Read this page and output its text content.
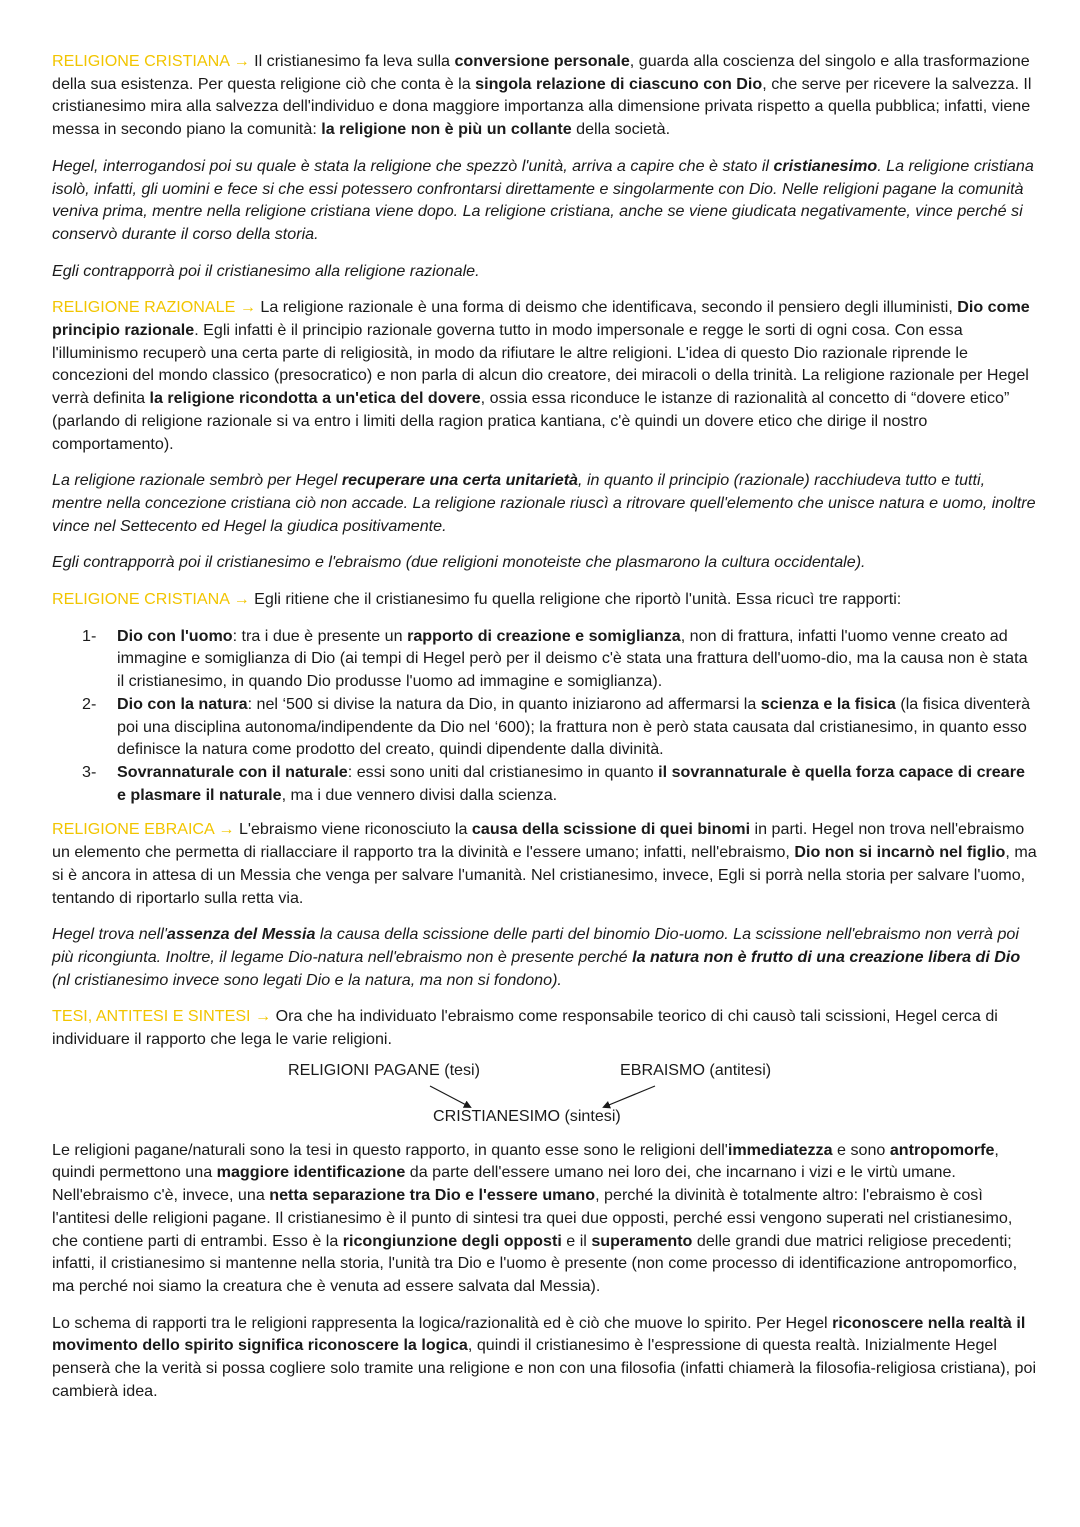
RELIGIONE CRISTIANA → Il cristianesimo fa leva sulla conversione personale, guarda alla coscienza del singolo e alla trasformazione della sua esistenza. Per questa religione ciò che conta è la singola relazione di ciascuno con Dio, che serve per ricevere la salvezza. Il cristianesimo mira alla salvezza dell'individuo e dona maggiore importanza alla dimensione privata rispetto a quella pubblica; infatti, viene messa in secondo piano la comunità: la religione non è più un collante della società.

Hegel, interrogandosi poi su quale è stata la religione che spezzò l'unità, arriva a capire che è stato il cristianesimo. La religione cristiana isolò, infatti, gli uomini e fece si che essi potessero confrontarsi direttamente e singolarmente con Dio. Nelle religioni pagane la comunità veniva prima, mentre nella religione cristiana viene dopo. La religione cristiana, anche se viene giudicata negativamente, vince perché si conservò durante il corso della storia.

Egli contrapporrà poi il cristianesimo alla religione razionale.

RELIGIONE RAZIONALE → La religione razionale è una forma di deismo che identificava, secondo il pensiero degli illuministi, Dio come principio razionale. Egli infatti è il principio razionale governa tutto in modo impersonale e regge le sorti di ogni cosa. Con essa l'illuminismo recuperò una certa parte di religiosità, in modo da rifiutare le altre religioni. L'idea di questo Dio razionale riprende le concezioni del mondo classico (presocratico) e non parla di alcun dio creatore, dei miracoli o della trinità. La religione razionale per Hegel verrà definita la religione ricondotta a un'etica del dovere, ossia essa riconduce le istanze di razionalità al concetto di “dovere etico” (parlando di religione razionale si va entro i limiti della ragion pratica kantiana, c'è quindi un dovere etico che dirige il nostro comportamento).

La religione razionale sembrò per Hegel recuperare una certa unitarietà, in quanto il principio (razionale) racchiudeva tutto e tutti, mentre nella concezione cristiana ciò non accade. La religione razionale riuscì a ritrovare quell'elemento che unisce natura e uomo, inoltre vince nel Settecento ed Hegel la giudica positivamente.

Egli contrapporrà poi il cristianesimo e l'ebraismo (due religioni monoteiste che plasmarono la cultura occidentale).

RELIGIONE CRISTIANA → Egli ritiene che il cristianesimo fu quella religione che riportò l'unità. Essa ricucì tre rapporti:

1- Dio con l'uomo: tra i due è presente un rapporto di creazione e somiglianza, non di frattura, infatti l'uomo venne creato ad immagine e somiglianza di Dio (ai tempi di Hegel però per il deismo c'è stata una frattura dell'uomo-dio, ma la causa non è stata il cristianesimo, in quando Dio produsse l'uomo ad immagine e somiglianza).
2- Dio con la natura: nel ‘500 si divise la natura da Dio, in quanto iniziarono ad affermarsi la scienza e la fisica (la fisica diventerà poi una disciplina autonoma/indipendente da Dio nel ‘600); la frattura non è però stata causata dal cristianesimo, in quanto esso definisce la natura come prodotto del creato, quindi dipendente dalla divinità.
3- Sovrannaturale con il naturale: essi sono uniti dal cristianesimo in quanto il sovrannaturale è quella forza capace di creare e plasmare il naturale, ma i due vennero divisi dalla scienza.

RELIGIONE EBRAICA → L'ebraismo viene riconosciuto la causa della scissione di quei binomi in parti. Hegel non trova nell'ebraismo un elemento che permetta di riallacciare il rapporto tra la divinità e l'essere umano; infatti, nell'ebraismo, Dio non si incarnò nel figlio, ma si è ancora in attesa di un Messia che venga per salvare l'umanità. Nel cristianesimo, invece, Egli si porrà nella storia per salvare l'uomo, tentando di riportarlo sulla retta via.

Hegel trova nell'assenza del Messia la causa della scissione delle parti del binomio Dio-uomo. La scissione nell'ebraismo non verrà poi più ricongiunta. Inoltre, il legame Dio-natura nell'ebraismo non è presente perché la natura non è frutto di una creazione libera di Dio (nl cristianesimo invece sono legati Dio e la natura, ma non si fondono).

TESI, ANTITESI E SINTESI → Ora che ha individuato l'ebraismo come responsabile teorico di chi causò tali scissioni, Hegel cerca di individuare il rapporto che lega le varie religioni.

RELIGIONI PAGANE (tesi)	EBRAISMO (antitesi)
CRISTIANESIMO (sintesi)

Le religioni pagane/naturali sono la tesi in questo rapporto, in quanto esse sono le religioni dell'immediatezza e sono antropomorfe, quindi permettono una maggiore identificazione da parte dell'essere umano nei loro dei, che incarnano i vizi e le virtù umane. Nell'ebraismo c'è, invece, una netta separazione tra Dio e l'essere umano, perché la divinità è totalmente altro: l'ebraismo è così l'antitesi delle religioni pagane. Il cristianesimo è il punto di sintesi tra quei due opposti, perché essi vengono superati nel cristianesimo, che contiene parti di entrambi. Esso è la ricongiunzione degli opposti e il superamento delle grandi due matrici religiose precedenti; infatti, il cristianesimo si mantenne nella storia, l'unità tra Dio e l'uomo è presente (non come processo di identificazione antropomorfico, ma perché noi siamo la creatura che è venuta ad essere salvata dal Messia).

Lo schema di rapporti tra le religioni rappresenta la logica/razionalità ed è ciò che muove lo spirito. Per Hegel riconoscere nella realtà il movimento dello spirito significa riconoscere la logica, quindi il cristianesimo è l'espressione di questa realtà. Inizialmente Hegel penserà che la verità si possa cogliere solo tramite una religione e non con una filosofia (infatti chiamerà la filosofia-religiosa cristiana), poi cambierà idea.
